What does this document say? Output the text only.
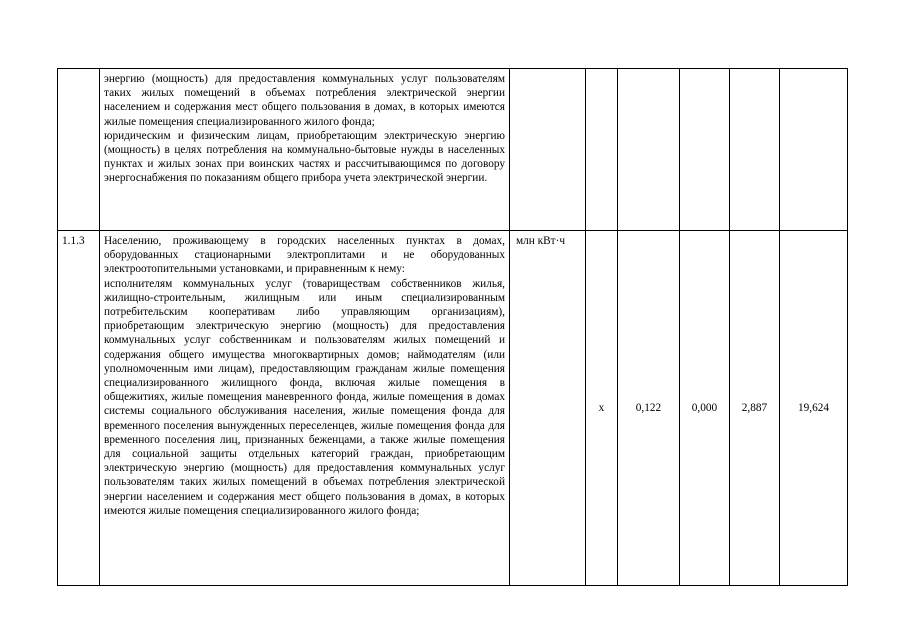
	энергию (мощность) для предоставления коммунальных услуг пользователям таких жилых помещений в объемах потребления электрической энергии населением и содержания мест общего пользования в домах, в которых имеются жилые помещения специализированного жилого фонда;

юридическим и физическим лицам, приобретающим электрическую энергию (мощность) в целях потребления на коммунально-бытовые нужды в населенных пунктах и жилых зонах при воинских частях и рассчитывающимся по договору энергоснабжения по показаниям общего прибора учета электрической энергии.						

1.1.3	Населению, проживающему в городских населенных пунктах в домах, оборудованных стационарными электроплитами и не оборудованных электроотопительными установками, и приравненным к нему:

исполнителям коммунальных услуг (товариществам собственников жилья, жилищно-строительным, жилищным или иным специализированным потребительским кооперативам либо управляющим организациям), приобретающим электрическую энергию (мощность) для предоставления коммунальных услуг собственникам и пользователям жилых помещений и содержания общего имущества многоквартирных домов; наймодателям (или уполномоченным ими лицам), предоставляющим гражданам жилые помещения специализированного жилищного фонда, включая жилые помещения в общежитиях, жилые помещения маневренного фонда, жилые помещения в домах системы социального обслуживания населения, жилые помещения фонда для временного поселения вынужденных переселенцев, жилые помещения фонда для временного поселения лиц, признанных беженцами, а также жилые помещения для социальной защиты отдельных категорий граждан, приобретающим электрическую энергию (мощность) для предоставления коммунальных услуг пользователям таких жилых помещений в объемах потребления электрической энергии населением и содержания мест общего пользования в домах, в которых имеются жилые помещения специализированного жилого фонда;	млн кВт·ч	х	0,122	0,000	2,887	19,624
